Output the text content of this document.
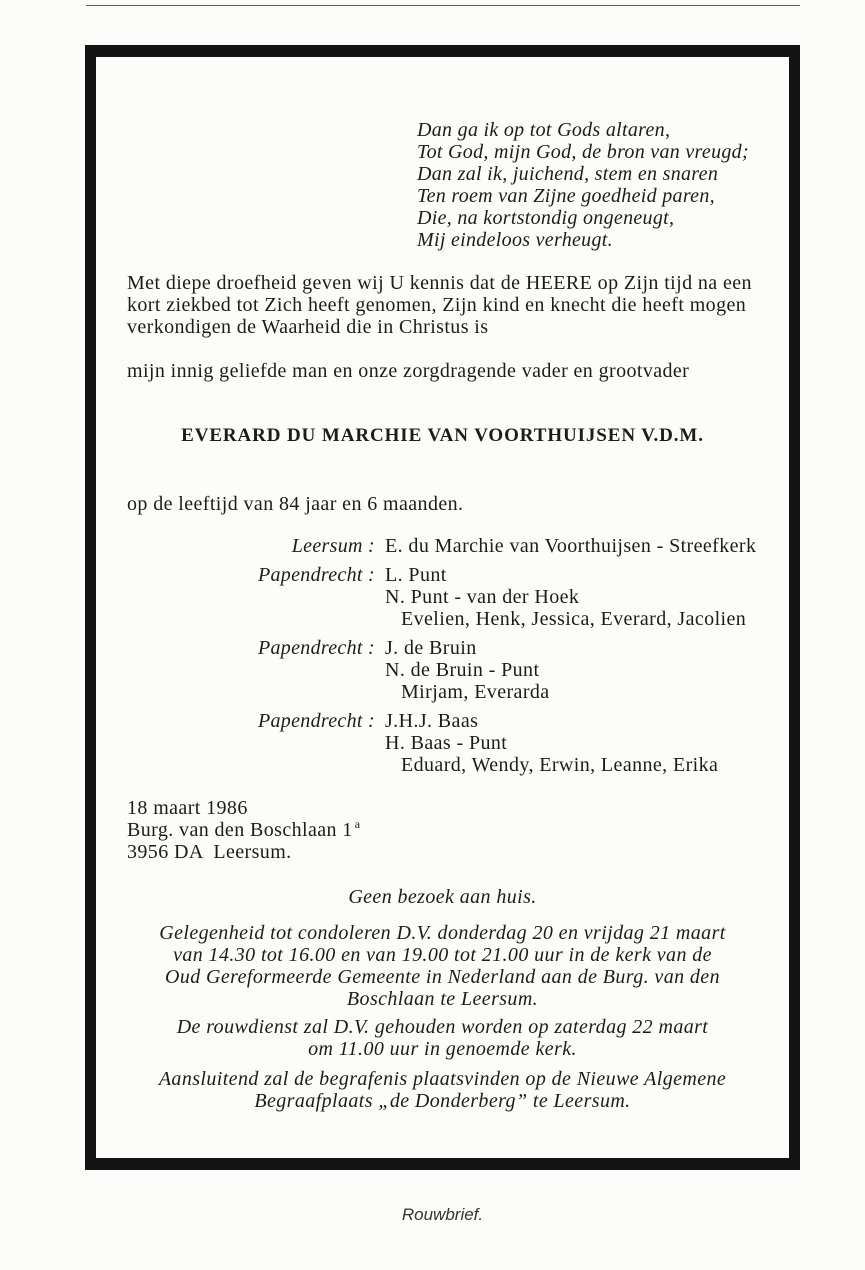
Dan ga ik op tot Gods altaren,
Tot God, mijn God, de bron van vreugd;
Dan zal ik, juichend, stem en snaren
Ten roem van Zijne goedheid paren,
Die, na kortstondig ongeneugt,
Mij eindeloos verheugt.
Met diepe droefheid geven wij U kennis dat de HEERE op Zijn tijd na een
kort ziekbed tot Zich heeft genomen, Zijn kind en knecht die heeft mogen
verkondigen de Waarheid die in Christus is
mijn innig geliefde man en onze zorgdragende vader en grootvader
EVERARD DU MARCHIE VAN VOORTHUIJSEN V.D.M.
op de leeftijd van 84 jaar en 6 maanden.
Leersum : E. du Marchie van Voorthuijsen - Streefkerk
Papendrecht : L. Punt
N. Punt - van der Hoek
Evelien, Henk, Jessica, Everard, Jacolien
Papendrecht : J. de Bruin
N. de Bruin - Punt
Mirjam, Everarda
Papendrecht : J.H.J. Baas
H. Baas - Punt
Eduard, Wendy, Erwin, Leanne, Erika
18 maart 1986
Burg. van den Boschlaan 1 $^a$
3956 DA  Leersum.
Geen bezoek aan huis.
Gelegenheid tot condoleren D.V. donderdag 20 en vrijdag 21 maart
van 14.30 tot 16.00 en van 19.00 tot 21.00 uur in de kerk van de
Oud Gereformeerde Gemeente in Nederland aan de Burg. van den
Boschlaan te Leersum.
De rouwdienst zal D.V. gehouden worden op zaterdag 22 maart
om 11.00 uur in genoemde kerk.
Aansluitend zal de begrafenis plaatsvinden op de Nieuwe Algemene
Begraafplaats „de Donderberg” te Leersum.
Rouwbrief.
